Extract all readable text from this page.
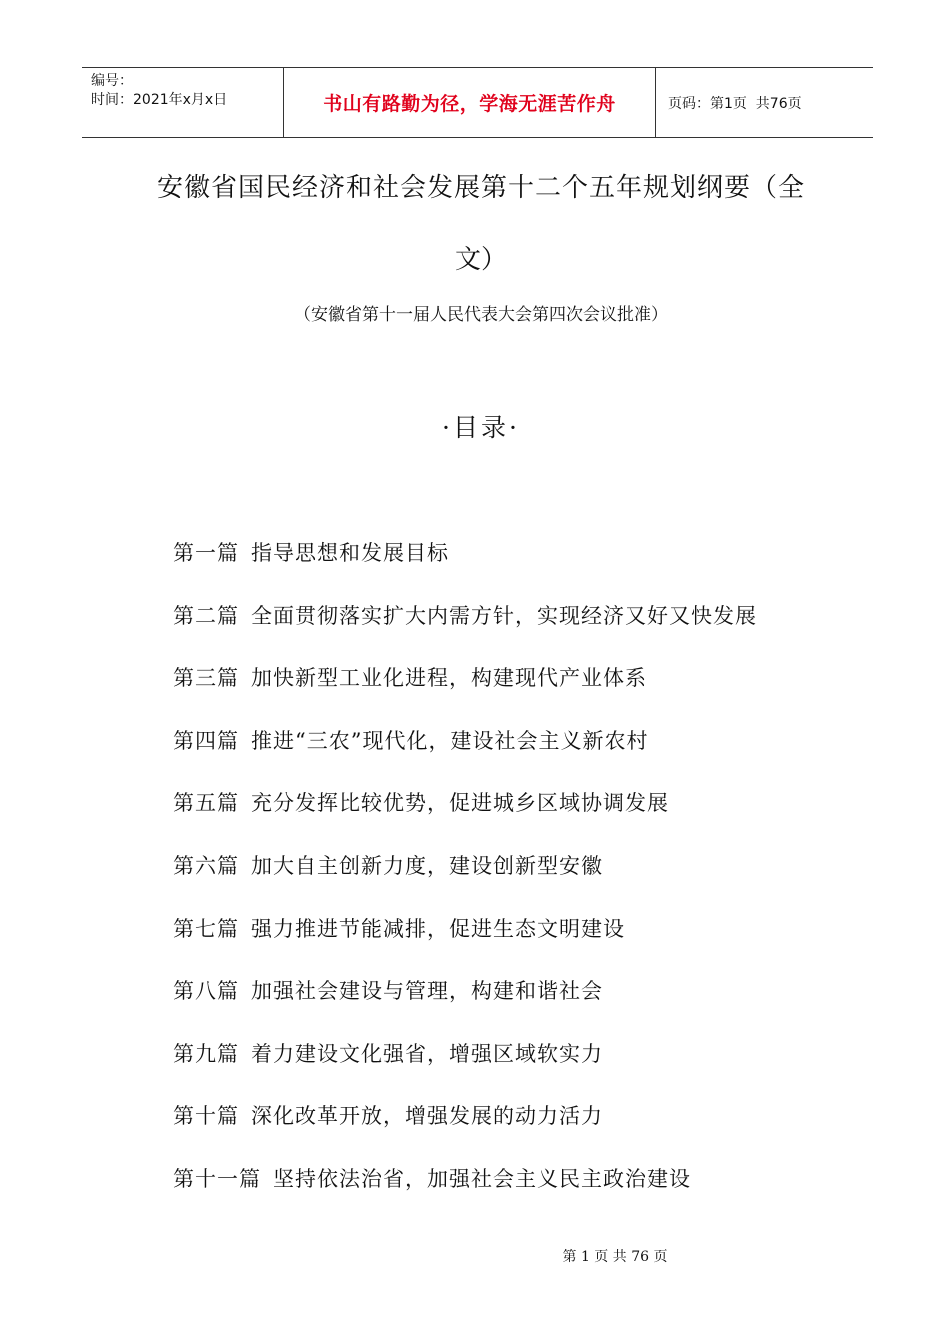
编号：
时间：2021年x月x日	书山有路勤为径，学海无涯苦作舟	页码：第1页  共76页
安徽省国民经济和社会发展第十二个五年规划纲要（全
文）
（安徽省第十一届人民代表大会第四次会议批准）
·目录·
第一篇 指导思想和发展目标
第二篇 全面贯彻落实扩大内需方针，实现经济又好又快发展
第三篇 加快新型工业化进程，构建现代产业体系
第四篇 推进“三农”现代化，建设社会主义新农村
第五篇 充分发挥比较优势，促进城乡区域协调发展
第六篇 加大自主创新力度，建设创新型安徽
第七篇 强力推进节能减排，促进生态文明建设
第八篇 加强社会建设与管理，构建和谐社会
第九篇 着力建设文化强省，增强区域软实力
第十篇 深化改革开放，增强发展的动力活力
第十一篇 坚持依法治省，加强社会主义民主政治建设
第 1 页 共 76 页
